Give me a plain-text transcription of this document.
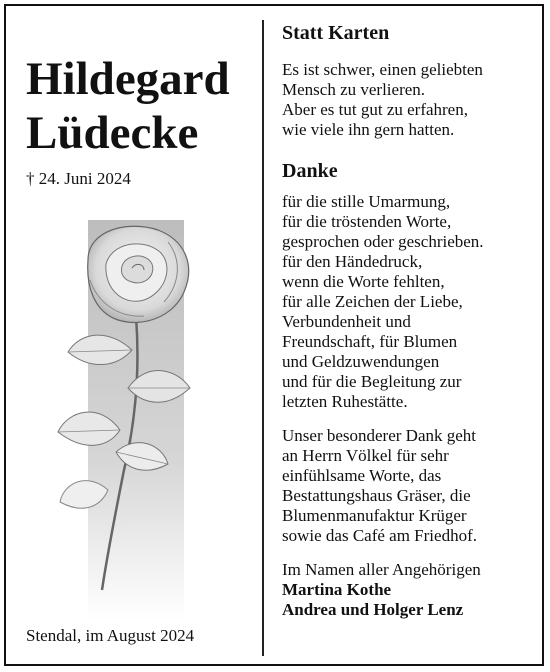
Hildegard
Lüdecke
† 24. Juni 2024
Stendal, im August 2024
Statt Karten
Es ist schwer, einen geliebten
Mensch zu verlieren.
Aber es tut gut zu erfahren,
wie viele ihn gern hatten.
Danke
für die stille Umarmung,
für die tröstenden Worte,
gesprochen oder geschrieben.
für den Händedruck,
wenn die Worte fehlten,
für alle Zeichen der Liebe,
Verbundenheit und
Freundschaft, für Blumen
und Geldzuwendungen
und für die Begleitung zur
letzten Ruhestätte.
Unser besonderer Dank geht
an Herrn Völkel für sehr
einfühlsame Worte, das
Bestattungshaus Gräser, die
Blumenmanufaktur Krüger
sowie das Café am Friedhof.
Im Namen aller Angehörigen
Martina Kothe
Andrea und Holger Lenz
